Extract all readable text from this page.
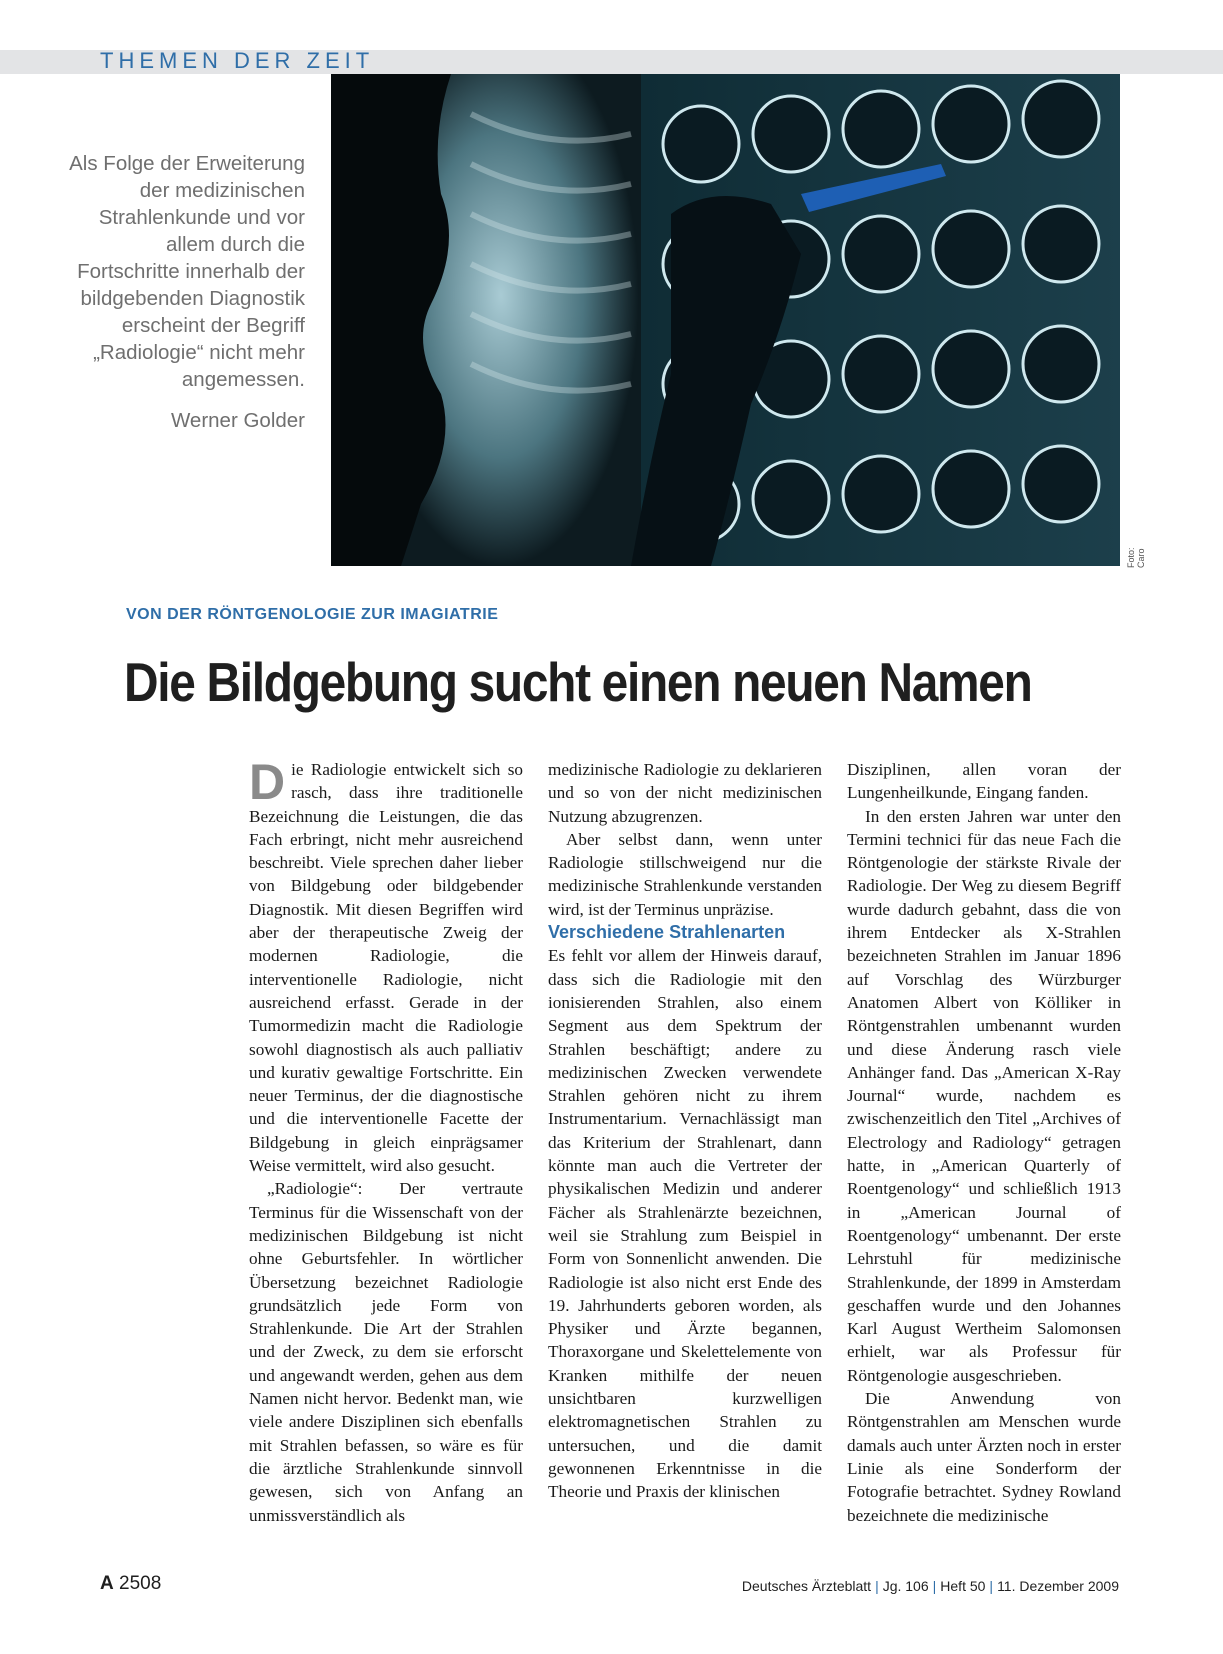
THEMEN DER ZEIT
Foto: Caro
Als Folge der Erweiterung der medizinischen Strahlenkunde und vor allem durch die Fortschritte innerhalb der bildgebenden Diagnostik erscheint der Begriff „Radiologie“ nicht mehr angemessen.
Werner Golder
VON DER RÖNTGENOLOGIE ZUR IMAGIATRIE
Die Bildgebung sucht einen neuen Namen

Die Radiologie entwickelt sich so rasch, dass ihre traditionelle Bezeichnung die Leistungen, die das Fach erbringt, nicht mehr ausreichend beschreibt. Viele sprechen daher lieber von Bildgebung oder bildgebender Diagnostik. Mit diesen Begriffen wird aber der therapeutische Zweig der modernen Radiologie, die interventionelle Radiologie, nicht ausreichend erfasst. Gerade in der Tumormedizin macht die Radiologie sowohl diagnostisch als auch palliativ und kurativ gewaltige Fortschritte. Ein neuer Terminus, der die diagnostische und die interventionelle Facette der Bildgebung in gleich einprägsamer Weise vermittelt, wird also gesucht.

„Radiologie“: Der vertraute Terminus für die Wissenschaft von der medizinischen Bildgebung ist nicht ohne Geburtsfehler. In wörtlicher Übersetzung bezeichnet Radiologie grundsätzlich jede Form von Strahlenkunde. Die Art der Strahlen und der Zweck, zu dem sie erforscht und angewandt werden, gehen aus dem Namen nicht hervor. Bedenkt man, wie viele andere Disziplinen sich ebenfalls mit Strahlen befassen, so wäre es für die ärztliche Strahlenkunde sinnvoll gewesen, sich von Anfang an unmissverständlich als

medizinische Radiologie zu deklarieren und so von der nicht medizinischen Nutzung abzugrenzen.

Aber selbst dann, wenn unter Radiologie stillschweigend nur die medizinische Strahlenkunde verstanden wird, ist der Terminus unpräzise.

Verschiedene Strahlenarten

Es fehlt vor allem der Hinweis darauf, dass sich die Radiologie mit den ionisierenden Strahlen, also einem Segment aus dem Spektrum der Strahlen beschäftigt; andere zu medizinischen Zwecken verwendete Strahlen gehören nicht zu ihrem Instrumentarium. Vernachlässigt man das Kriterium der Strahlenart, dann könnte man auch die Vertreter der physikalischen Medizin und anderer Fächer als Strahlenärzte bezeichnen, weil sie Strahlung zum Beispiel in Form von Sonnenlicht anwenden. Die Radiologie ist also nicht erst Ende des 19. Jahrhunderts geboren worden, als Physiker und Ärzte begannen, Thoraxorgane und Skelettelemente von Kranken mithilfe der neuen unsichtbaren kurzwelligen elektromagnetischen Strahlen zu untersuchen, und die damit gewonnenen Erkenntnisse in die Theorie und Praxis der klinischen

Disziplinen, allen voran der Lungenheilkunde, Eingang fanden.

In den ersten Jahren war unter den Termini technici für das neue Fach die Röntgenologie der stärkste Rivale der Radiologie. Der Weg zu diesem Begriff wurde dadurch gebahnt, dass die von ihrem Entdecker als X-Strahlen bezeichneten Strahlen im Januar 1896 auf Vorschlag des Würzburger Anatomen Albert von Kölliker in Röntgenstrahlen umbenannt wurden und diese Änderung rasch viele Anhänger fand. Das „American X-Ray Journal“ wurde, nachdem es zwischenzeitlich den Titel „Archives of Electrology and Radiology“ getragen hatte, in „American Quarterly of Roentgenology“ und schließlich 1913 in „American Journal of Roentgenology“ umbenannt. Der erste Lehrstuhl für medizinische Strahlenkunde, der 1899 in Amsterdam geschaffen wurde und den Johannes Karl August Wertheim Salomonsen erhielt, war als Professur für Röntgenologie ausgeschrieben.

Die Anwendung von Röntgenstrahlen am Menschen wurde damals auch unter Ärzten noch in erster Linie als eine Sonderform der Fotografie betrachtet. Sydney Rowland bezeichnete die medizinische

A 2508	Deutsches Ärzteblatt | Jg. 106 | Heft 50 | 11. Dezember 2009
